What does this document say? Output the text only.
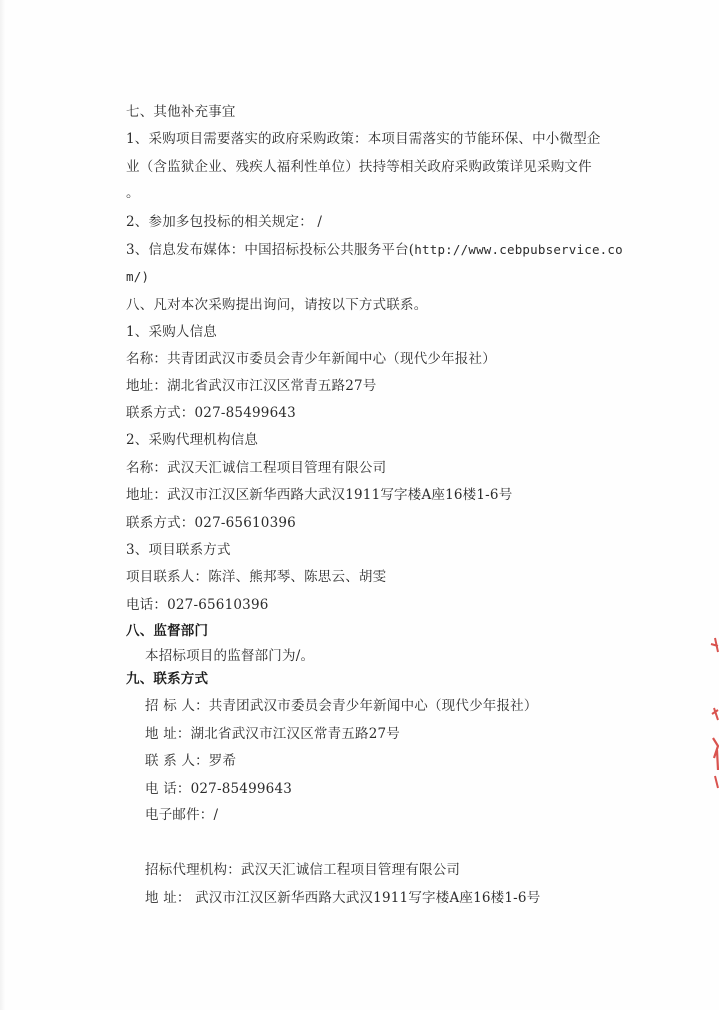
七、其他补充事宜
1、采购项目需要落实的政府采购政策：本项目需落实的节能环保、中小微型企
业（含监狱企业、残疾人福利性单位）扶持等相关政府采购政策详见采购文件
。
2、参加多包投标的相关规定： /
3、信息发布媒体：中国招标投标公共服务平台(http://www.cebpubservice.co
m/)
八、凡对本次采购提出询问，请按以下方式联系。
1、采购人信息
名称：共青团武汉市委员会青少年新闻中心（现代少年报社）
地址：湖北省武汉市江汉区常青五路27号
联系方式：027-85499643
2、采购代理机构信息
名称：武汉天汇诚信工程项目管理有限公司
地址：武汉市江汉区新华西路大武汉1911写字楼A座16楼1-6号
联系方式：027-65610396
3、项目联系方式
项目联系人：陈洋、熊邦琴、陈思云、胡雯
电话：027-65610396
八、监督部门
本招标项目的监督部门为/。
九、联系方式
招 标 人：共青团武汉市委员会青少年新闻中心（现代少年报社）
地 址：湖北省武汉市江汉区常青五路27号
联 系 人：罗希
电 话：027-85499643
电子邮件：/
招标代理机构：武汉天汇诚信工程项目管理有限公司
地 址： 武汉市江汉区新华西路大武汉1911写字楼A座16楼1-6号
